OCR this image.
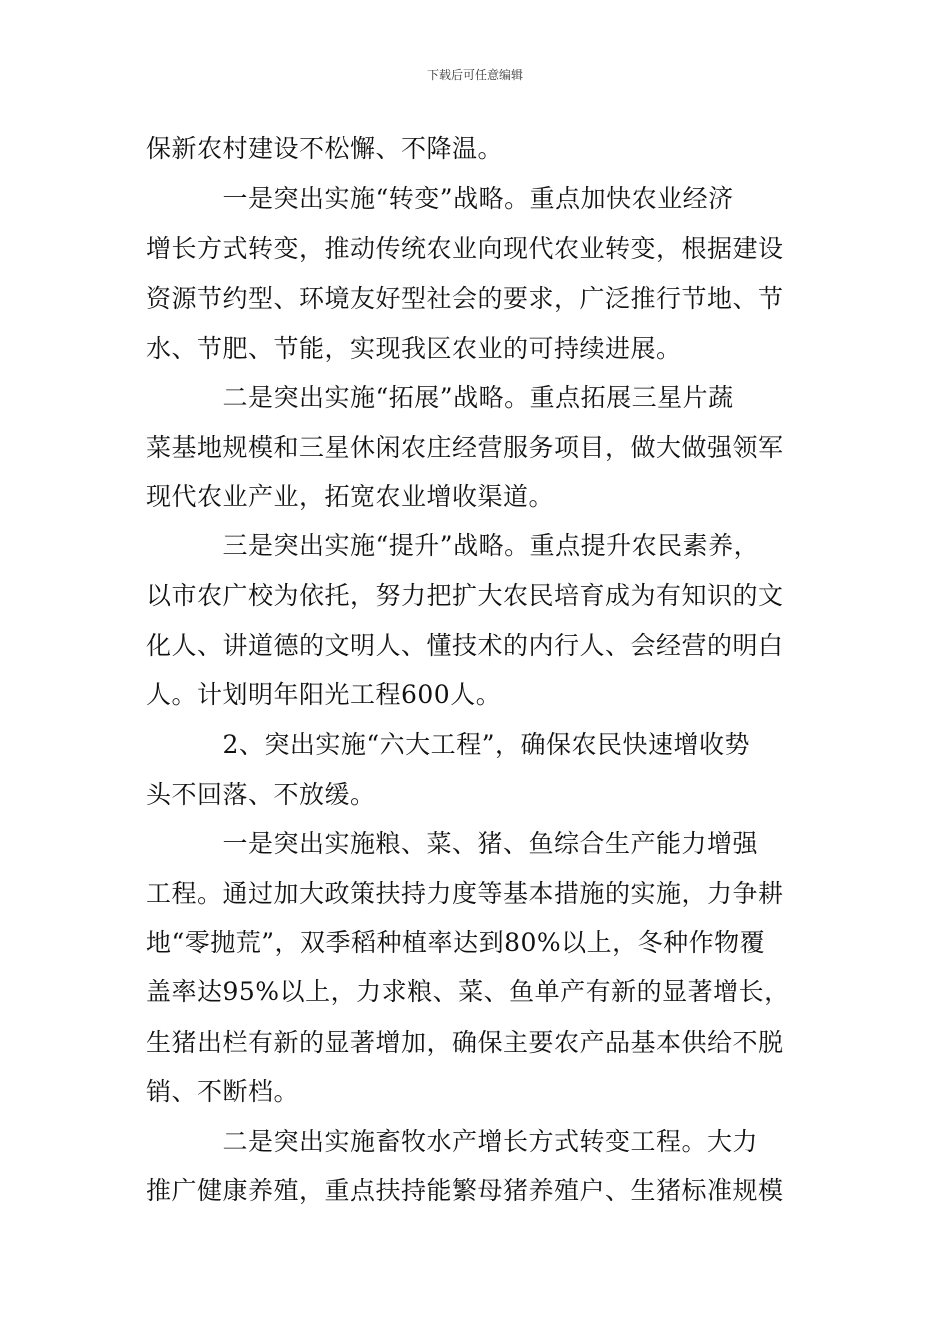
下载后可任意编辑
保新农村建设不松懈、不降温。
　　　一是突出实施“转变”战略。重点加快农业经济
增长方式转变，推动传统农业向现代农业转变，根据建设
资源节约型、环境友好型社会的要求，广泛推行节地、节
水、节肥、节能，实现我区农业的可持续进展。
　　　二是突出实施“拓展”战略。重点拓展三星片蔬
菜基地规模和三星休闲农庄经营服务项目，做大做强领军
现代农业产业，拓宽农业增收渠道。
　　　三是突出实施“提升”战略。重点提升农民素养，
以市农广校为依托，努力把扩大农民培育成为有知识的文
化人、讲道德的文明人、懂技术的内行人、会经营的明白
人。计划明年阳光工程600人。
　　　2、突出实施“六大工程”，确保农民快速增收势
头不回落、不放缓。
　　　一是突出实施粮、菜、猪、鱼综合生产能力增强
工程。通过加大政策扶持力度等基本措施的实施，力争耕
地“零抛荒”，双季稻种植率达到80%以上，冬种作物覆
盖率达95%以上，力求粮、菜、鱼单产有新的显著增长，
生猪出栏有新的显著增加，确保主要农产品基本供给不脱
销、不断档。
　　　二是突出实施畜牧水产增长方式转变工程。大力
推广健康养殖，重点扶持能繁母猪养殖户、生猪标准规模
